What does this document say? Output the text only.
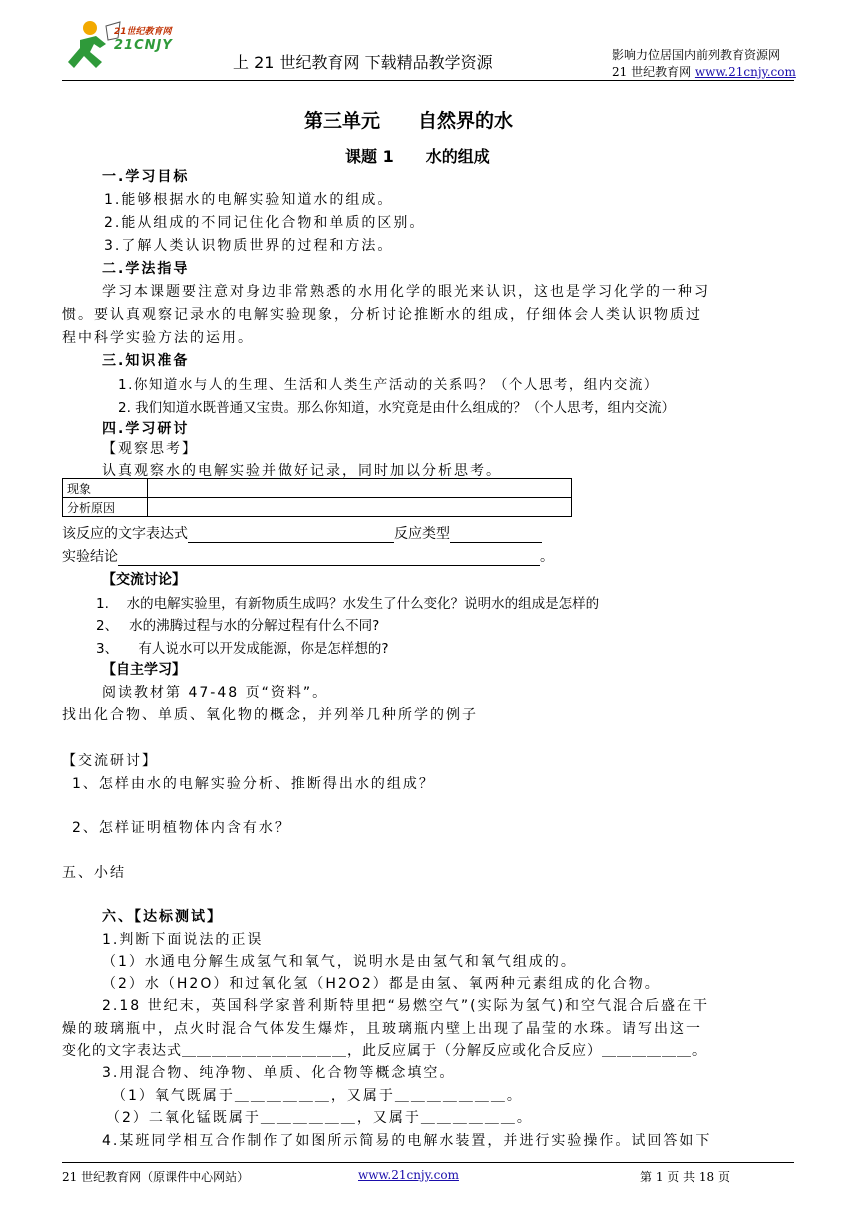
21世纪教育网
21CNJY
上 21 世纪教育网 下载精品教学资源	影响力位居国内前列教育资源网
21 世纪教育网 www.21cnjy.com
第三单元　　自然界的水
课题 1　　水的组成
一.学习目标
1.能够根据水的电解实验知道水的组成。
2.能从组成的不同记住化合物和单质的区别。
3.了解人类认识物质世界的过程和方法。
二.学法指导
学习本课题要注意对身边非常熟悉的水用化学的眼光来认识，这也是学习化学的一种习
惯。要认真观察记录水的电解实验现象，分析讨论推断水的组成，仔细体会人类认识物质过
程中科学实验方法的运用。
三.知识准备
1.你知道水与人的生理、生活和人类生产活动的关系吗？（个人思考，组内交流）
2. 我们知道水既普通又宝贵。那么你知道，水究竟是由什么组成的？（个人思考，组内交流）
四.学习研讨
【观察思考】
认真观察水的电解实验并做好记录，同时加以分析思考。
现象	
分析原因	
该反应的文字表达式	反应类型
实验结论	。
【交流讨论】
1.　 水的电解实验里，有新物质生成吗？水发生了什么变化？说明水的组成是怎样的
2、　 水的沸腾过程与水的分解过程有什么不同?
3、　　有人说水可以开发成能源，你是怎样想的?
【自主学习】
阅读教材第 47-48 页“资料”。
找出化合物、单质、氧化物的概念，并列举几种所学的例子
【交流研讨】
1、怎样由水的电解实验分析、推断得出水的组成？
2、怎样证明植物体内含有水？
五、小结
六、【达标测试】
1.判断下面说法的正误
（1）水通电分解生成氢气和氧气，说明水是由氢气和氧气组成的。
（2）水（H2O）和过氧化氢（H2O2）都是由氢、氧两种元素组成的化合物。
2.18 世纪末，英国科学家普利斯特里把“易燃空气”(实际为氢气)和空气混合后盛在干
燥的玻璃瓶中，点火时混合气体发生爆炸，且玻璃瓶内壁上出现了晶莹的水珠。请写出这一
变化的文字表达式＿＿＿＿＿＿＿＿＿＿＿，此反应属于（分解反应或化合反应）＿＿＿＿＿＿。
3.用混合物、纯净物、单质、化合物等概念填空。
（1）氧气既属于＿＿＿＿＿＿，又属于＿＿＿＿＿＿＿。
（2）二氧化锰既属于＿＿＿＿＿＿，又属于＿＿＿＿＿＿。
4.某班同学相互合作制作了如图所示简易的电解水装置，并进行实验操作。试回答如下
21 世纪教育网（原课件中心网站）	www.21cnjy.com	第 1 页 共 18 页
